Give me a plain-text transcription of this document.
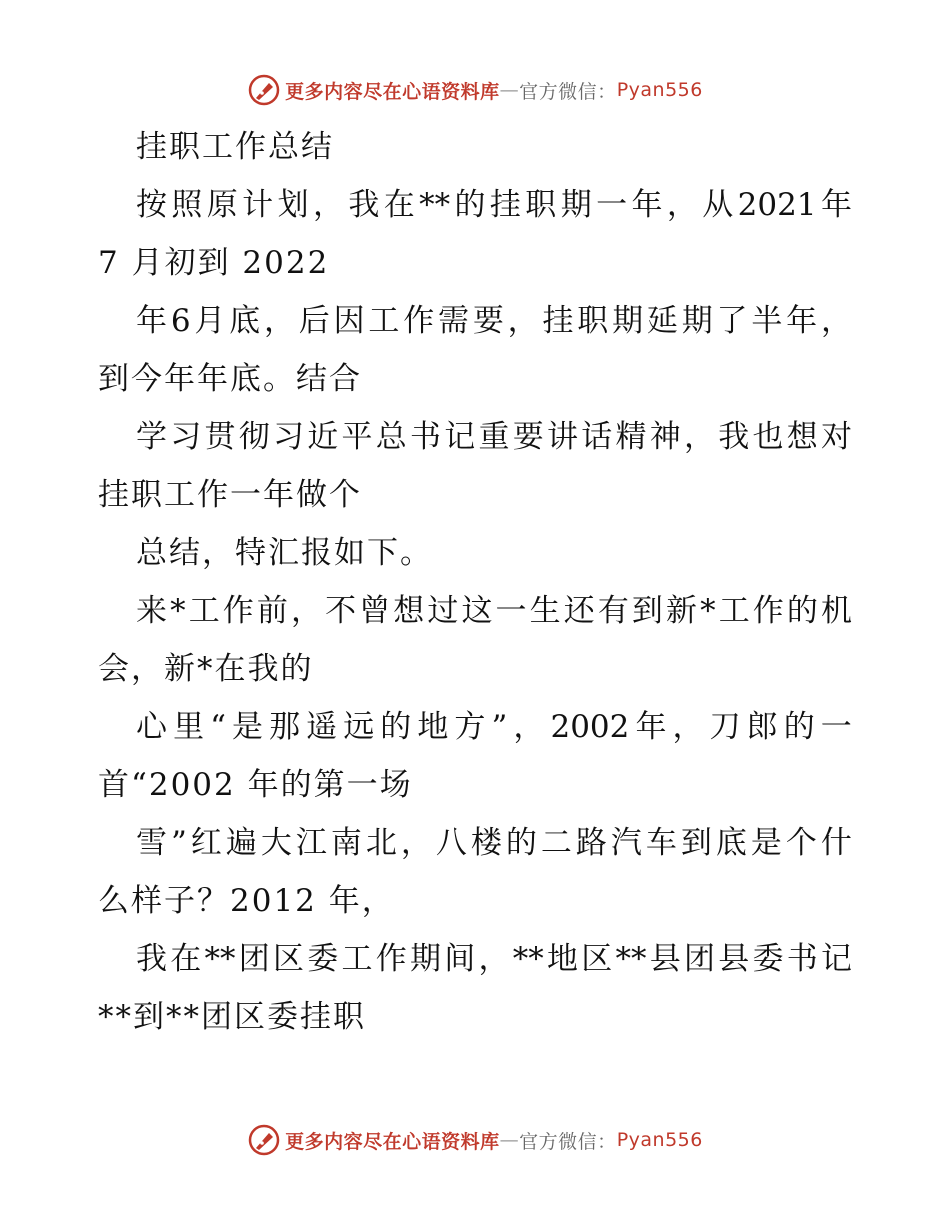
更多内容尽在心语资料库 — 官方微信： Pyan556
挂职工作总结
按 照 原 计 划 ， 我 在 ** 的 挂 职 期 一 年 ， 从 2021 年
7 月初到 2022
年 6 月 底 ， 后 因 工 作 需 要 ， 挂 职 期 延 期 了 半 年 ，
到今年年底。结合
学 习 贯 彻 习 近 平 总 书 记 重 要 讲 话 精 神 ， 我 也 想 对
挂职工作一年做个
总结，特汇报如下。
来 * 工 作 前 ， 不 曾 想 过 这 一 生 还 有 到 新 * 工 作 的 机
会，新*在我的
心 里 “ 是 那 遥 远 的 地 方 ” ， 2002 年 ， 刀 郎 的 一
首“2002 年的第一场
雪 ” 红 遍 大 江 南 北 ， 八 楼 的 二 路 汽 车 到 底 是 个 什
么样子？2012 年，
我 在 ** 团 区 委 工 作 期 间 ， ** 地 区 ** 县 团 县 委 书 记
**到**团区委挂职
更多内容尽在心语资料库 — 官方微信： Pyan556
